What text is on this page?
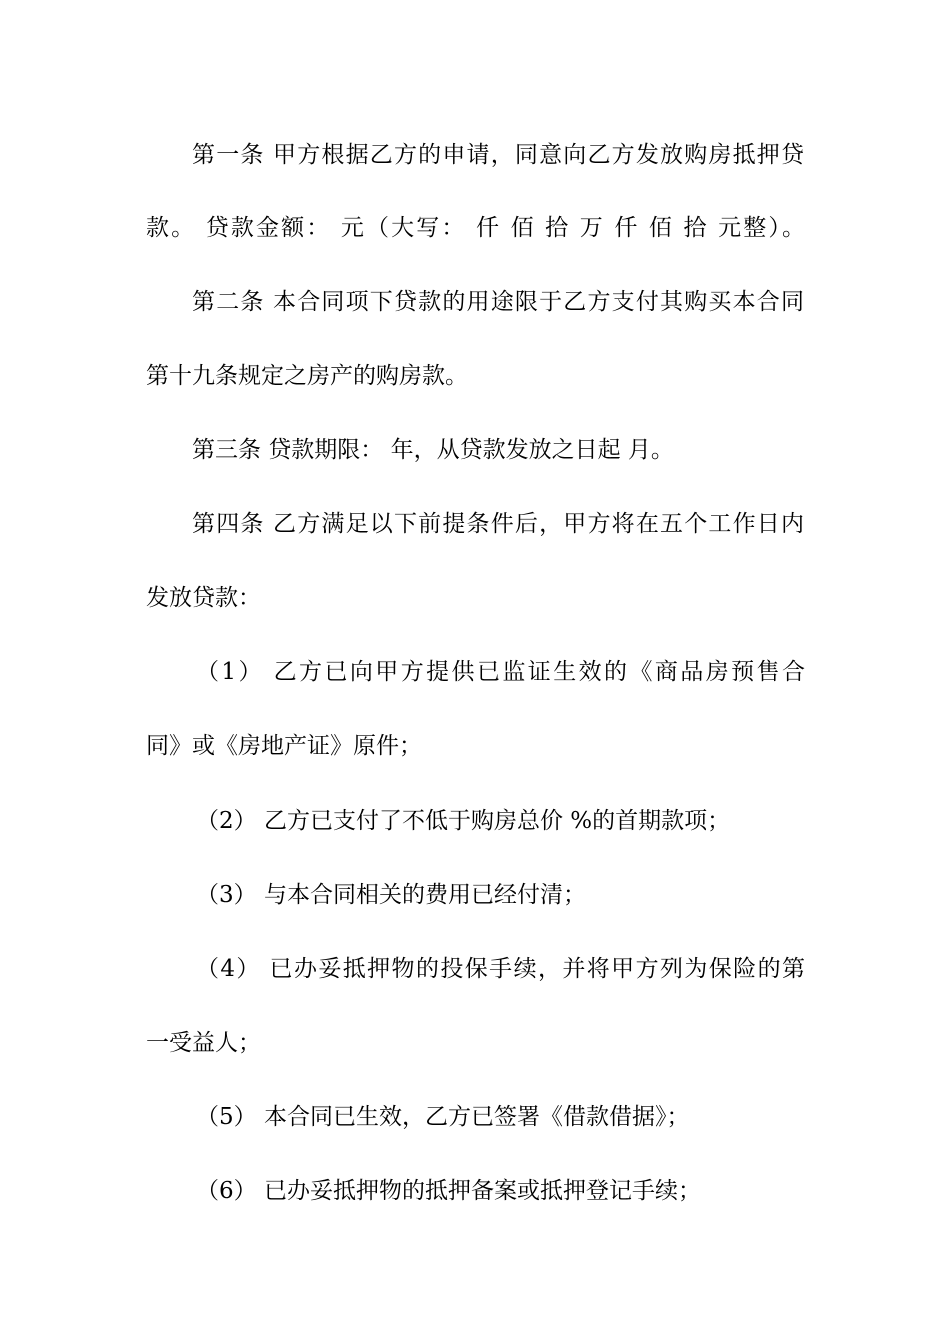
第一条 甲方根据乙方的申请，同意向乙方发放购房抵押贷
款。 贷款金额： 元（大写： 仟 佰 拾 万 仟 佰 拾 元整）。
第二条 本合同项下贷款的用途限于乙方支付其购买本合同
第十九条规定之房产的购房款。
第三条 贷款期限： 年，从贷款发放之日起 月。
第四条 乙方满足以下前提条件后，甲方将在五个工作日内
发放贷款：
（1） 乙方已向甲方提供已监证生效的《商品房预售合
同》或《房地产证》原件；
（2） 乙方已支付了不低于购房总价 %的首期款项；
（3） 与本合同相关的费用已经付清；
（4） 已办妥抵押物的投保手续，并将甲方列为保险的第
一受益人；
（5） 本合同已生效，乙方已签署《借款借据》；
（6） 已办妥抵押物的抵押备案或抵押登记手续；
